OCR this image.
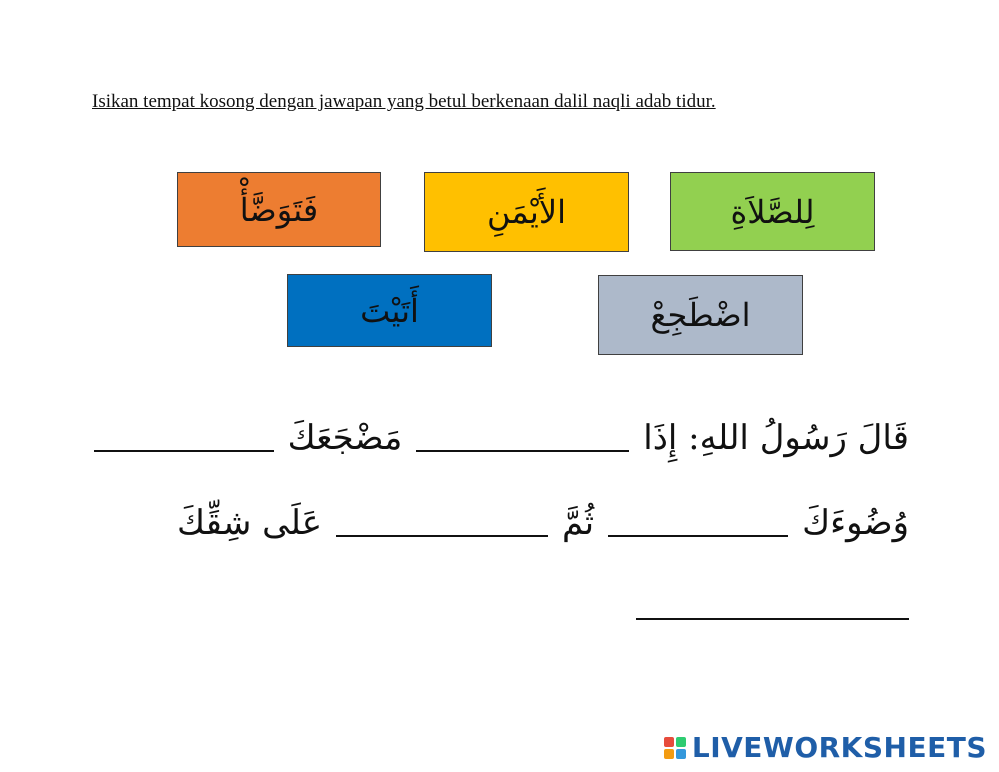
Isikan tempat kosong dengan jawapan yang betul berkenaan dalil naqli adab tidur.
فَتَوَضَّأْ	الأَيْمَنِ	لِلصَّلاَةِ
أَتَيْتَ	اضْطَجِعْ
قَالَ رَسُولُ اللهِ: إِذَا
مَضْجَعَكَ
وُضُوءَكَ
ثُمَّ
عَلَى شِقِّكَ
LIVEWORKSHEETS
